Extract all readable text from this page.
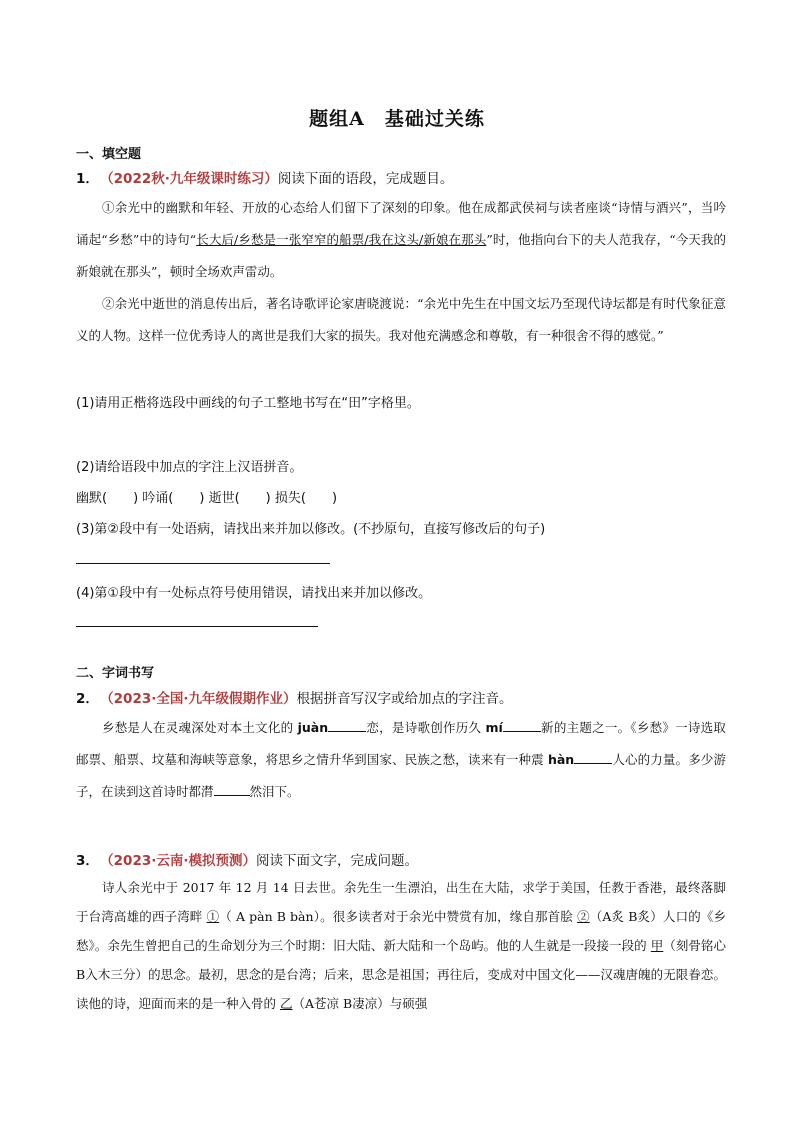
题组A　基础过关练
一、填空题
1． （2022秋·九年级课时练习）阅读下面的语段，完成题目。
①余光中的幽默和年轻、开放的心态给人们留下了深刻的印象。他在成都武侯祠与读者座谈“诗情与酒兴”，当吟诵起“乡愁”中的诗句“长大后/乡愁是一张窄窄的船票/我在这头/新娘在那头”时，他指向台下的夫人范我存，“今天我的新娘就在那头”，顿时全场欢声雷动。
②余光中逝世的消息传出后，著名诗歌评论家唐晓渡说：“余光中先生在中国文坛乃至现代诗坛都是有时代象征意义的人物。这样一位优秀诗人的离世是我们大家的损失。我对他充满感念和尊敬，有一种很舍不得的感觉。”
(1)请用正楷将选段中画线的句子工整地书写在“田”字格里。
(2)请给语段中加点的字注上汉语拼音。
幽默( ) 吟诵( ) 逝世( ) 损失( )
(3)第②段中有一处语病，请找出来并加以修改。(不抄原句，直接写修改后的句子)
(4)第①段中有一处标点符号使用错误，请找出来并加以修改。
二、字词书写
2． （2023·全国·九年级假期作业）根据拼音写汉字或给加点的字注音。
乡愁是人在灵魂深处对本土文化的 juàn	恋，是诗歌创作历久 mí	新的主题之一。《乡愁》一诗选取邮票、船票、坟墓和海峡等意象，将思乡之情升华到国家、民族之愁，读来有一种震 hàn	人心的力量。多少游子，在读到这首诗时都潸	然泪下。
3． （2023·云南·模拟预测）阅读下面文字，完成问题。
诗人余光中于 2017 年 12 月 14 日去世。余先生一生漂泊，出生在大陆，求学于美国，任教于香港，最终落脚于台湾高雄的西子湾畔 ①（ A pàn B bàn）。很多读者对于余光中赞赏有加，缘自那首脍 ②（A炙 B炙）人口的《乡愁》。余先生曾把自己的生命划分为三个时期：旧大陆、新大陆和一个岛屿。他的人生就是一段接一段的 甲（刻骨铭心 B入木三分）的思念。最初，思念的是台湾；后来，思念是祖国；再往后，变成对中国文化——汉魂唐魄的无限眷恋。读他的诗，迎面而来的是一种入骨的 乙（A苍凉 B凄凉）与硕强
